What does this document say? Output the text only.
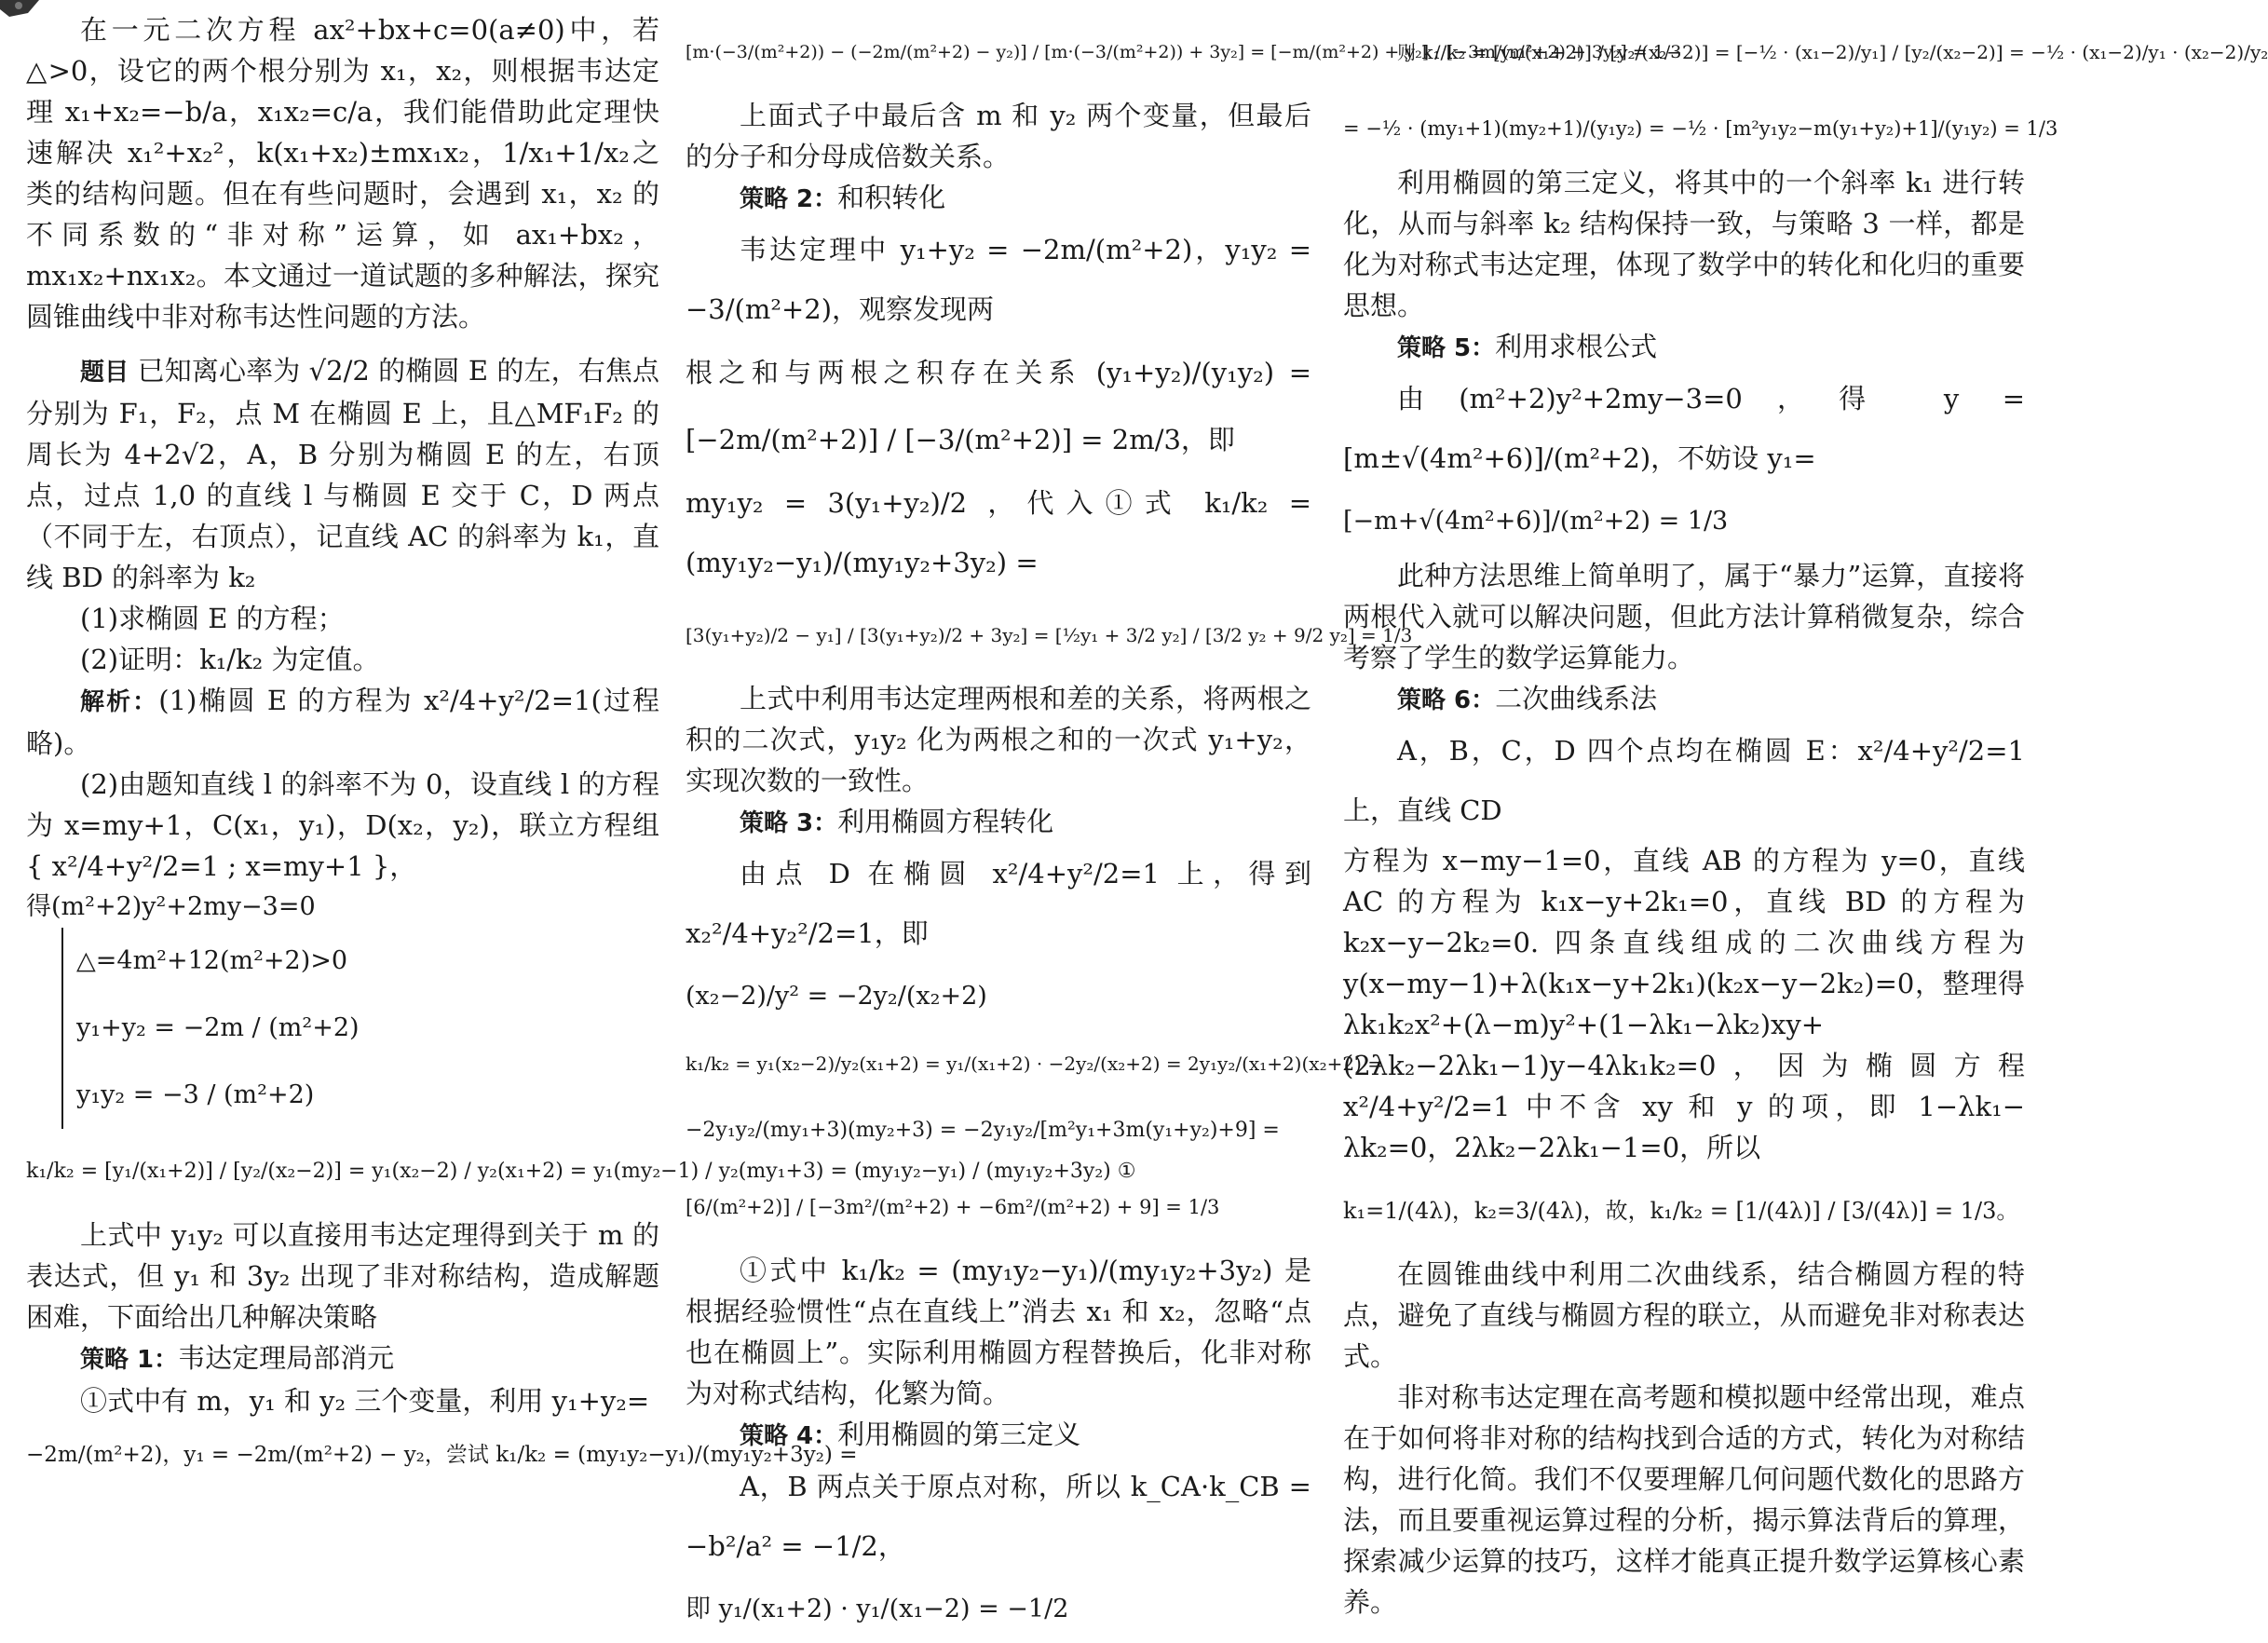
在一元二次方程 ax²+bx+c=0(a≠0)中，若△>0，设它的两个根分别为 x₁，x₂，则根据韦达定理 x₁+x₂=−b/a，x₁x₂=c/a，我们能借助此定理快速解决 x₁²+x₂²，k(x₁+x₂)±mx₁x₂，1/x₁+1/x₂之类的结构问题。但在有些问题时，会遇到 x₁，x₂ 的不同系数的“非对称”运算，如 ax₁+bx₂，mx₁x₂+nx₁x₂。本文通过一道试题的多种解法，探究圆锥曲线中非对称韦达性问题的方法。

题目 已知离心率为 √2/2 的椭圆 E 的左，右焦点分别为 F₁，F₂，点 M 在椭圆 E 上，且△MF₁F₂ 的周长为 4+2√2，A，B 分别为椭圆 E 的左，右顶点，过点 1,0 的直线 l 与椭圆 E 交于 C，D 两点（不同于左，右顶点），记直线 AC 的斜率为 k₁，直线 BD 的斜率为 k₂

(1)求椭圆 E 的方程；

(2)证明：k₁/k₂ 为定值。

解析：(1)椭圆 E 的方程为 x²/4+y²/2=1(过程略)。

(2)由题知直线 l 的斜率不为 0，设直线 l 的方程为 x=my+1，C(x₁，y₁)，D(x₂，y₂)，联立方程组 { x²/4+y²/2=1 ; x=my+1 }，

得(m²+2)y²+2my−3=0

△=4m²+12(m²+2)>0

y₁+y₂ = −2m / (m²+2)

y₁y₂ = −3 / (m²+2)

k₁/k₂ = [y₁/(x₁+2)] / [y₂/(x₂−2)] = y₁(x₂−2) / y₂(x₁+2) = y₁(my₂−1) / y₂(my₁+3) = (my₁y₂−y₁) / (my₁y₂+3y₂) ①

上式中 y₁y₂ 可以直接用韦达定理得到关于 m 的表达式，但 y₁ 和 3y₂ 出现了非对称结构，造成解题困难，下面给出几种解决策略

策略 1：韦达定理局部消元

①式中有 m，y₁ 和 y₂ 三个变量，利用 y₁+y₂=

−2m/(m²+2)，y₁ = −2m/(m²+2) − y₂，尝试 k₁/k₂ = (my₁y₂−y₁)/(my₁y₂+3y₂) =

[m·(−3/(m²+2)) − (−2m/(m²+2) − y₂)] / [m·(−3/(m²+2)) + 3y₂] = [−m/(m²+2) + y₂] / [−3m/(m²+2) + 3y₂] = 1/3

上面式子中最后含 m 和 y₂ 两个变量，但最后的分子和分母成倍数关系。

策略 2：和积转化

韦达定理中 y₁+y₂ = −2m/(m²+2)，y₁y₂ = −3/(m²+2)，观察发现两

根之和与两根之积存在关系 (y₁+y₂)/(y₁y₂) = [−2m/(m²+2)] / [−3/(m²+2)] = 2m/3，即

my₁y₂ = 3(y₁+y₂)/2 ，代入①式 k₁/k₂ = (my₁y₂−y₁)/(my₁y₂+3y₂) =

[3(y₁+y₂)/2 − y₁] / [3(y₁+y₂)/2 + 3y₂] = [½y₁ + 3/2 y₂] / [3/2 y₂ + 9/2 y₂] = 1/3

上式中利用韦达定理两根和差的关系，将两根之积的二次式，y₁y₂ 化为两根之和的一次式 y₁+y₂，实现次数的一致性。

策略 3：利用椭圆方程转化

由点 D 在椭圆 x²/4+y²/2=1 上，得到 x₂²/4+y₂²/2=1，即

(x₂−2)/y² = −2y₂/(x₂+2)

k₁/k₂ = y₁(x₂−2)/y₂(x₁+2) = y₁/(x₁+2) · −2y₂/(x₂+2) = 2y₁y₂/(x₁+2)(x₂+2) =

−2y₁y₂/(my₁+3)(my₂+3) = −2y₁y₂/[m²y₁+3m(y₁+y₂)+9] =

[6/(m²+2)] / [−3m²/(m²+2) + −6m²/(m²+2) + 9] = 1/3

①式中 k₁/k₂ = (my₁y₂−y₁)/(my₁y₂+3y₂) 是根据经验惯性“点在直线上”消去 x₁ 和 x₂，忽略“点也在椭圆上”。实际利用椭圆方程替换后，化非对称为对称式结构，化繁为简。

策略 4：利用椭圆的第三定义

A，B 两点关于原点对称，所以 k_CA·k_CB = −b²/a² = −1/2，

即 y₁/(x₁+2) · y₁/(x₁−2) = −1/2

则 k₁/k₂ = [y₁/(x₁+2)] / [y₂/(x₂−2)] = [−½ · (x₁−2)/y₁] / [y₂/(x₂−2)] = −½ · (x₁−2)/y₁ · (x₂−2)/y₂

= −½ · (my₁+1)(my₂+1)/(y₁y₂) = −½ · [m²y₁y₂−m(y₁+y₂)+1]/(y₁y₂) = 1/3

利用椭圆的第三定义，将其中的一个斜率 k₁ 进行转化，从而与斜率 k₂ 结构保持一致，与策略 3 一样，都是化为对称式韦达定理，体现了数学中的转化和化归的重要思想。

策略 5：利用求根公式

由(m²+2)y²+2my−3=0，得 y = [m±√(4m²+6)]/(m²+2)，不妨设 y₁=

[−m+√(4m²+6)]/(m²+2) = 1/3

此种方法思维上简单明了，属于“暴力”运算，直接将两根代入就可以解决问题，但此方法计算稍微复杂，综合考察了学生的数学运算能力。

策略 6：二次曲线系法

A，B，C，D 四个点均在椭圆 E：x²/4+y²/2=1 上，直线 CD

方程为 x−my−1=0，直线 AB 的方程为 y=0，直线 AC 的方程为 k₁x−y+2k₁=0，直线 BD 的方程为 k₂x−y−2k₂=0. 四条直线组成的二次曲线方程为 y(x−my−1)+λ(k₁x−y+2k₁)(k₂x−y−2k₂)=0，整理得 λk₁k₂x²+(λ−m)y²+(1−λk₁−λk₂)xy+(2λk₂−2λk₁−1)y−4λk₁k₂=0，因为椭圆方程 x²/4+y²/2=1 中不含 xy 和 y 的项，即 1−λk₁− λk₂=0，2λk₂−2λk₁−1=0，所以

k₁=1/(4λ)，k₂=3/(4λ)，故，k₁/k₂ = [1/(4λ)] / [3/(4λ)] = 1/3。

在圆锥曲线中利用二次曲线系，结合椭圆方程的特点，避免了直线与椭圆方程的联立，从而避免非对称表达式。

非对称韦达定理在高考题和模拟题中经常出现，难点在于如何将非对称的结构找到合适的方式，转化为对称结构，进行化简。我们不仅要理解几何问题代数化的思路方法，而且要重视运算过程的分析，揭示算法背后的算理，探索减少运算的技巧，这样才能真正提升数学运算核心素养。
